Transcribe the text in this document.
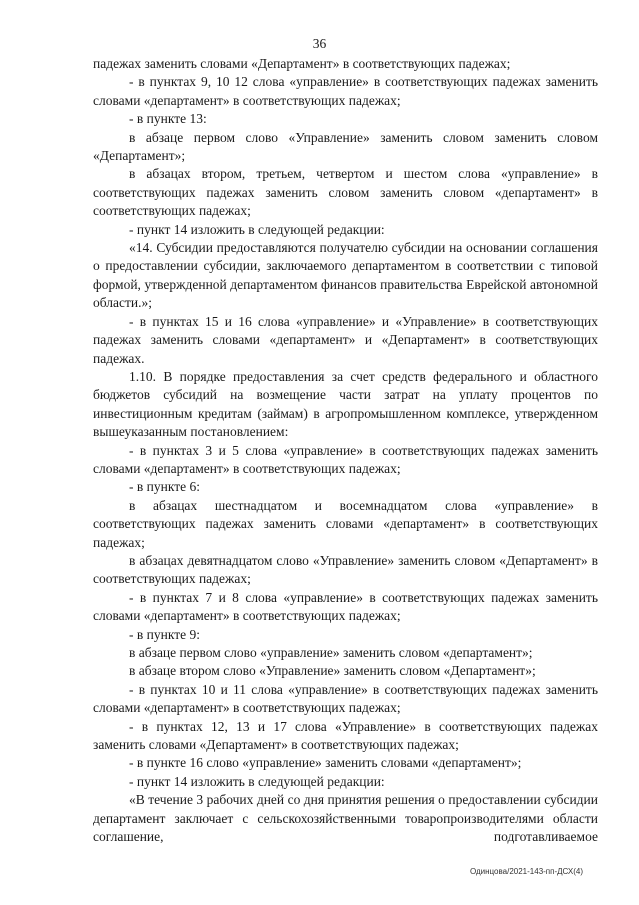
36

падежах заменить словами «Департамент» в соответствующих падежах;

- в пунктах 9, 10 12 слова «управление» в соответствующих падежах заменить словами «департамент» в соответствующих падежах;

- в пункте 13:

в абзаце первом слово «Управление» заменить словом заменить словом «Департамент»;

в абзацах втором, третьем, четвертом и шестом слова «управление» в соответствующих падежах заменить словом заменить словом «департамент» в соответствующих падежах;

- пункт 14 изложить в следующей редакции:

«14. Субсидии предоставляются получателю субсидии на основании соглашения о предоставлении субсидии, заключаемого департаментом в соответствии с типовой формой, утвержденной департаментом финансов правительства Еврейской автономной области.»;

- в пунктах 15 и 16 слова «управление» и «Управление» в соответствующих падежах заменить словами «департамент» и «Департамент» в соответствующих падежах.

1.10. В порядке предоставления за счет средств федерального и областного бюджетов субсидий на возмещение части затрат на уплату процентов по инвестиционным кредитам (займам) в агропромышленном комплексе, утвержденном вышеуказанным постановлением:

- в пунктах 3 и 5 слова «управление» в соответствующих падежах заменить словами «департамент» в соответствующих падежах;

- в пункте 6:

в абзацах шестнадцатом и восемнадцатом слова «управление» в соответствующих падежах заменить словами «департамент» в соответствующих падежах;

в абзацах девятнадцатом слово «Управление» заменить словом «Департамент» в соответствующих падежах;

- в пунктах 7 и 8 слова «управление» в соответствующих падежах заменить словами «департамент» в соответствующих падежах;

- в пункте 9:

в абзаце первом слово «управление» заменить словом «департамент»;

в абзаце втором слово «Управление» заменить словом «Департамент»;

- в пунктах 10 и 11 слова «управление» в соответствующих падежах заменить словами «департамент» в соответствующих падежах;

- в пунктах 12, 13 и 17 слова «Управление» в соответствующих падежах заменить словами «Департамент» в соответствующих падежах;

- в пункте 16 слово «управление» заменить словами «департамент»;

- пункт 14 изложить в следующей редакции:

«В течение 3 рабочих дней со дня принятия решения о предоставлении субсидии департамент заключает с сельскохозяйственными товаропроизводителями области соглашение, подготавливаемое

Одинцова/2021-143-пп-ДСХ(4)
